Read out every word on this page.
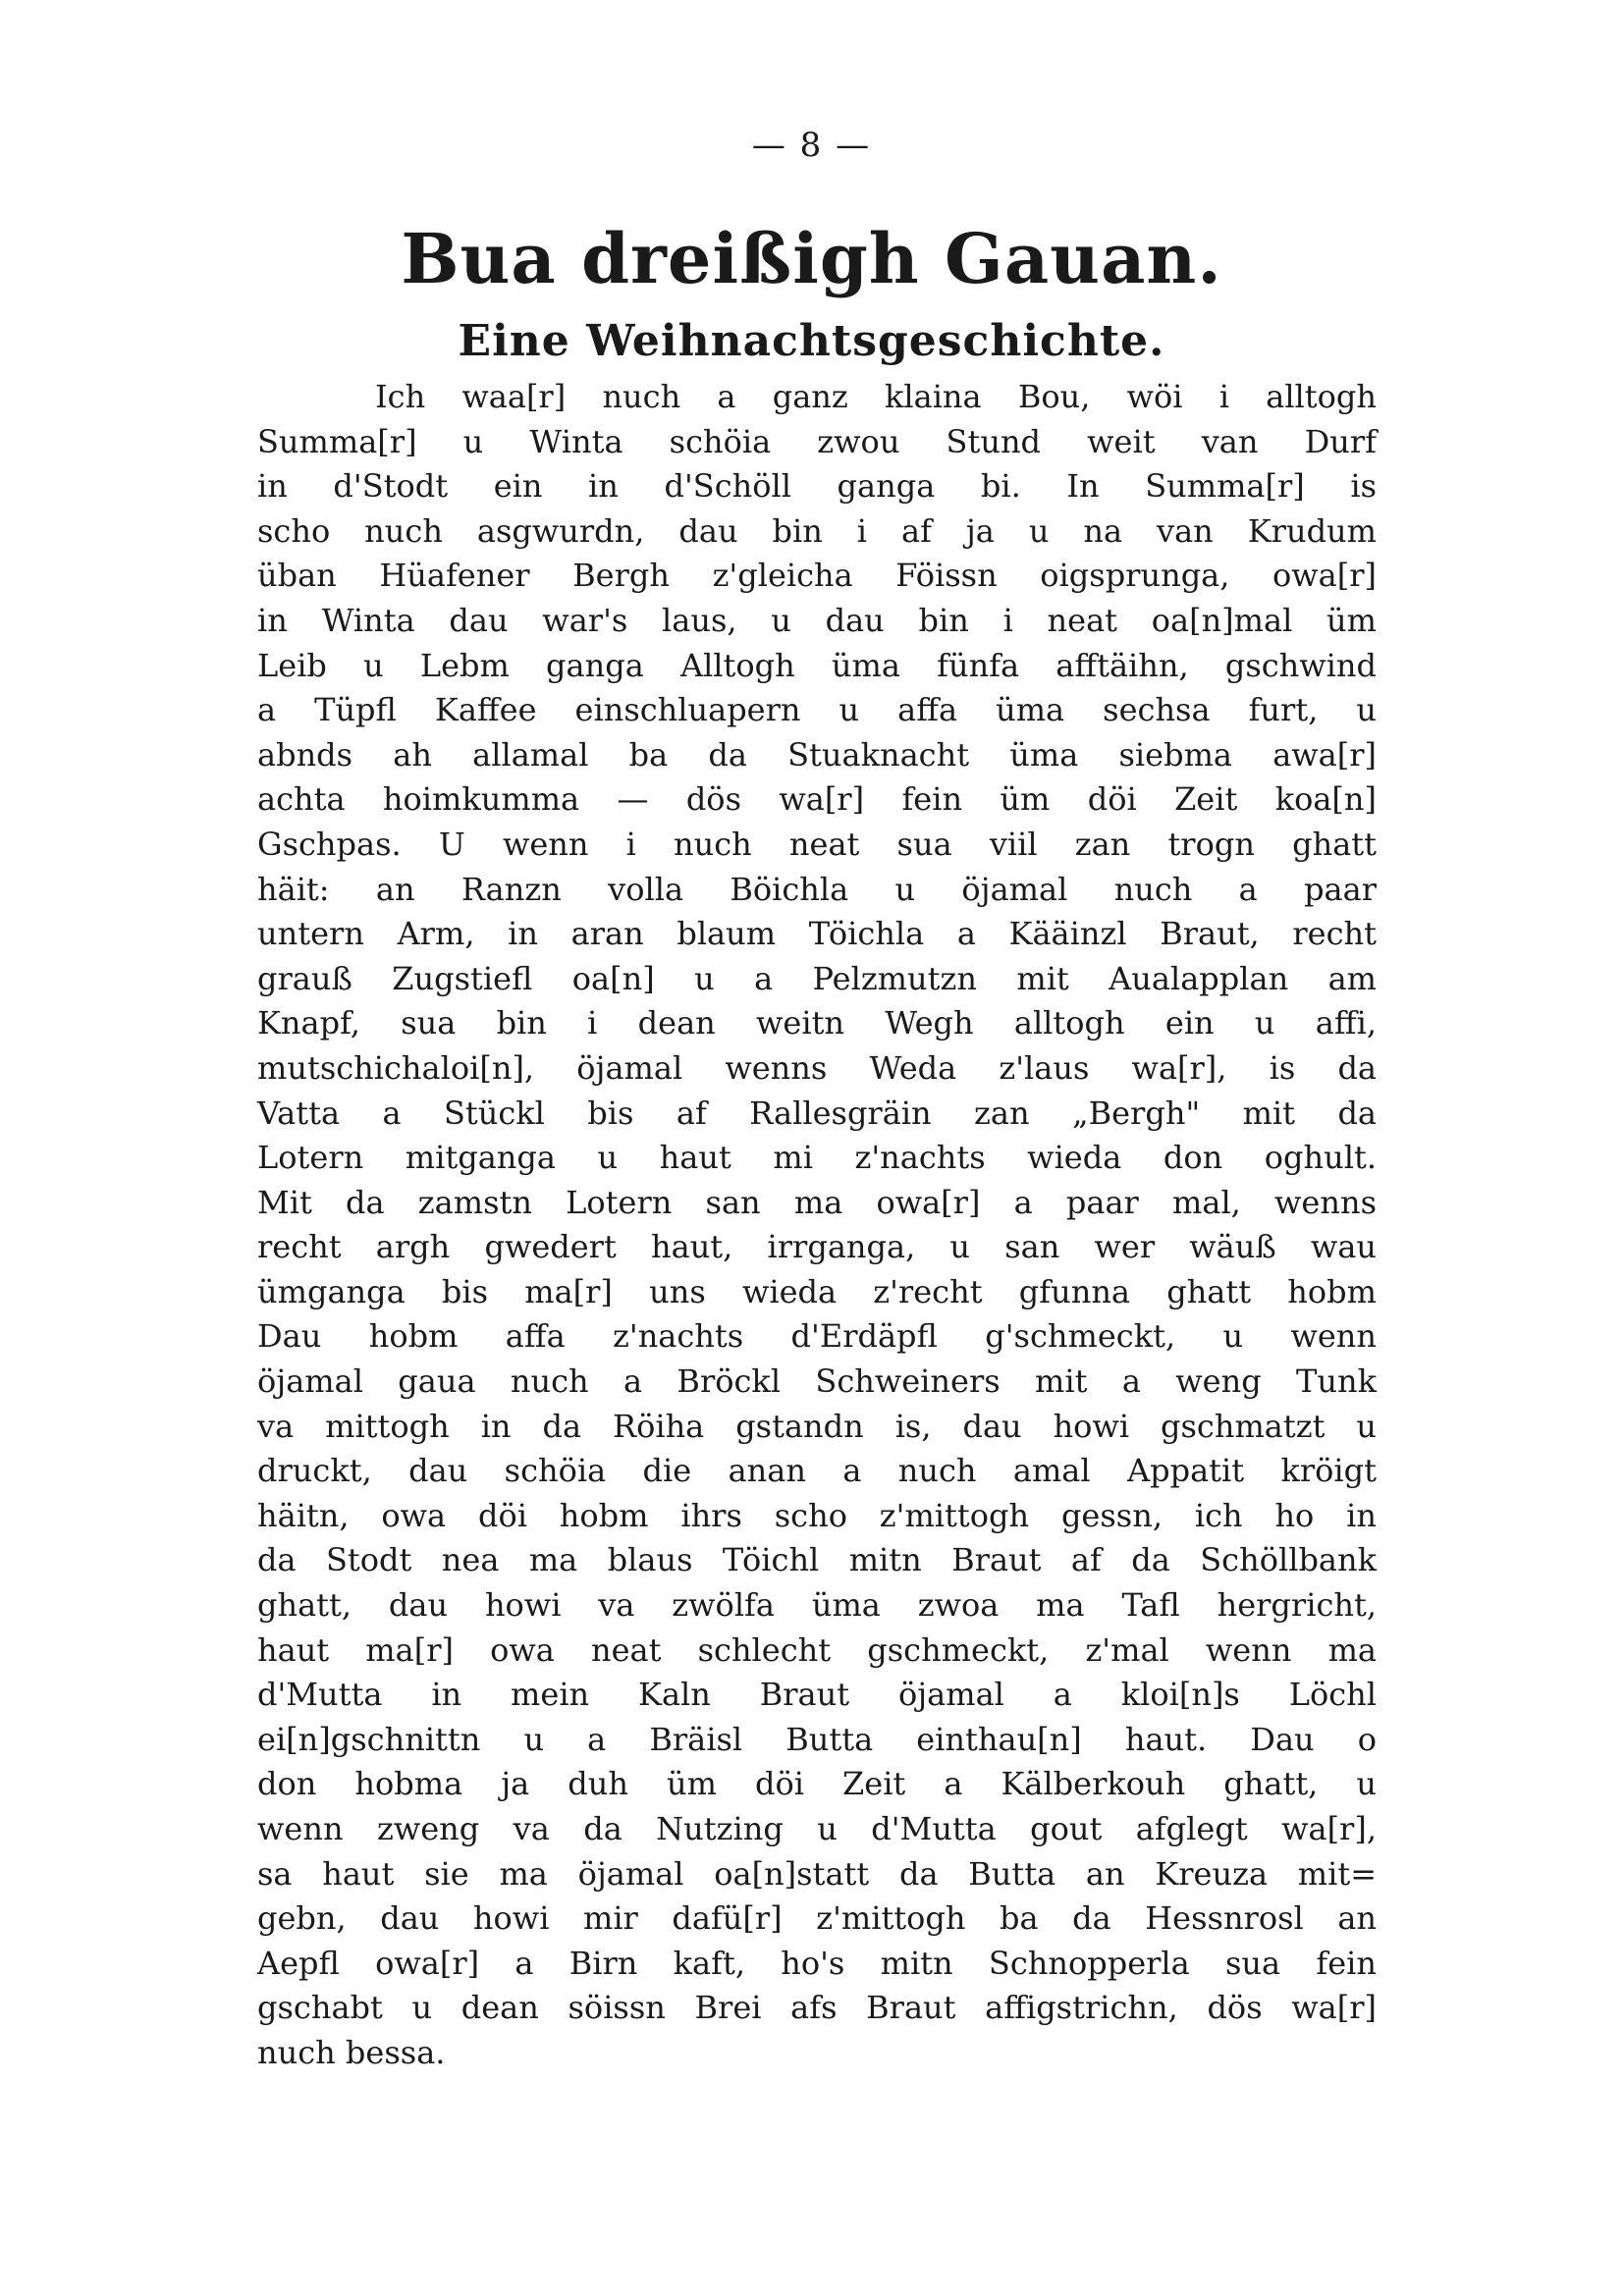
— 8 —
Bua dreißigh Gauan.
Eine Weihnachtsgeschichte.
Ich waa[r] nuch a ganz klaina Bou, wöi i alltogh
Summa[r] u Winta schöia zwou Stund weit van Durf
in d'Stodt ein in d'Schöll ganga bi. In Summa[r] is
scho nuch asgwurdn, dau bin i af ja u na van Krudum
üban Hüafener Bergh z'gleicha Föissn oigsprunga, owa[r]
in Winta dau war's laus, u dau bin i neat oa[n]mal üm
Leib u Lebm ganga Alltogh üma fünfa afftäihn, gschwind
a Tüpfl Kaffee einschluapern u affa üma sechsa furt, u
abnds ah allamal ba da Stuaknacht üma siebma awa[r]
achta hoimkumma — dös wa[r] fein üm döi Zeit koa[n]
Gschpas. U wenn i nuch neat sua viil zan trogn ghatt
häit: an Ranzn volla Böichla u öjamal nuch a paar
untern Arm, in aran blaum Töichla a Kääinzl Braut, recht
grauß Zugstiefl oa[n] u a Pelzmutzn mit Aualapplan am
Knapf, sua bin i dean weitn Wegh alltogh ein u affi,
mutschichaloi[n], öjamal wenns Weda z'laus wa[r], is da
Vatta a Stückl bis af Rallesgräin zan „Bergh" mit da
Lotern mitganga u haut mi z'nachts wieda don oghult.
Mit da zamstn Lotern san ma owa[r] a paar mal, wenns
recht argh gwedert haut, irrganga, u san wer wäuß wau
ümganga bis ma[r] uns wieda z'recht gfunna ghatt hobm
Dau hobm affa z'nachts d'Erdäpfl g'schmeckt, u wenn
öjamal gaua nuch a Bröckl Schweiners mit a weng Tunk
va mittogh in da Röiha gstandn is, dau howi gschmatzt u
druckt, dau schöia die anan a nuch amal Appatit kröigt
häitn, owa döi hobm ihrs scho z'mittogh gessn, ich ho in
da Stodt nea ma blaus Töichl mitn Braut af da Schöllbank
ghatt, dau howi va zwölfa üma zwoa ma Tafl hergricht,
haut ma[r] owa neat schlecht gschmeckt, z'mal wenn ma
d'Mutta in mein Kaln Braut öjamal a kloi[n]s Löchl
ei[n]gschnittn u a Bräisl Butta einthau[n] haut. Dau o
don hobma ja duh üm döi Zeit a Kälberkouh ghatt, u
wenn zweng va da Nutzing u d'Mutta gout afglegt wa[r],
sa haut sie ma öjamal oa[n]statt da Butta an Kreuza mit=
gebn, dau howi mir dafü[r] z'mittogh ba da Hessnrosl an
Aepfl owa[r] a Birn kaft, ho's mitn Schnopperla sua fein
gschabt u dean söissn Brei afs Braut affigstrichn, dös wa[r]
nuch bessa.
